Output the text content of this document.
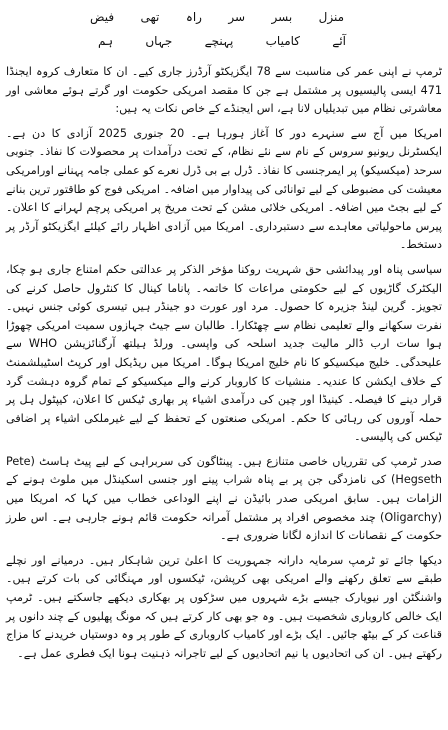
فیض تھی راہ سر بسر منزل
ہم	جہاں	پہنچے	کامیاب	آئے

ٹرمپ نے اپنی عمر کی مناسبت سے 78 ایگزیکٹو آرڈرز جاری کیے۔ ان کا متعارف کروہ ایجنڈا 471 ایسی پالیسیوں پر مشتمل ہے جن کا مقصد امریکی حکومت اور گرتے ہوئے معاشی اور معاشرتی نظام میں تبدیلیاں لانا ہے، اس ایجنڈے کے خاص نکات یہ ہیں:

امریکا میں آج سے سنہرے دور کا آغاز ہورہا ہے۔ 20 جنوری 2025 آزادی کا دن ہے۔ ایکسٹرنل ریونیو سروس کے نام سے نئے نظام، کے تحت درآمدات پر محصولات کا نفاذ۔ جنوبی سرحد (میکسیکو) پر ایمرجنسی کا نفاذ۔ ڈرل بے بی ڈرل نعرے کو عملی جامہ پہنانے اورامریکی معیشت کی مضبوطی کے لیے توانائی کی پیداوار میں اضافہ۔ امریکی فوج کو طاقتور ترین بنانے کے لیے بجٹ میں اضافہ۔ امریکی خلائی مشن کے تحت مریخ پر امریکی پرچم لہرانے کا اعلان۔ پیرس ماحولیاتی معاہدے سے دستبرداری۔ امریکا میں آزادی اظہار رائے کیلئے ایگزیکٹو آرڈر پر دستخط۔

سیاسی پناہ اور پیدائشی حق شہریت روکنا مؤخر الذکر پر عدالتی حکم امتناع جاری ہو چکا، الیکٹرک گاڑیوں کے لیے حکومتی مراعات کا خاتمہ۔ پاناما کینال کا کنٹرول حاصل کرنے کی تجویز۔ گرین لینڈ جزیرہ کا حصول۔ مرد اور عورت دو جینڈر ہیں تیسری کوئی جنس نہیں۔ نفرت سکھانے والے تعلیمی نظام سے چھٹکارا۔ طالبان سے جیٹ جہازوں سمیت امریکی چھوڑا ہوا سات ارب ڈالر مالیت جدید اسلحہ کی واپسی۔ ورلڈ ہیلتھ آرگنائزیشن WHO سے علیحدگی۔ خلیج میکسیکو کا نام خلیج امریکا ہوگا۔ امریکا میں ریڈیکل اور کرپٹ اسٹیبلشمنٹ کے خلاف ایکشن کا عندیہ۔ منشیات کا کاروبار کرنے والے میکسیکو کے تمام گروہ دہشت گرد قرار دینے کا فیصلہ۔ کینیڈا اور چین کی درآمدی اشیاء پر بھاری ٹیکس کا اعلان، کیپٹول ہل پر حملہ آوروں کی رہائی کا حکم۔ امریکی صنعتوں کے تحفظ کے لیے غیرملکی اشیاء پر اضافی ٹیکس کی پالیسی۔

صدر ٹرمپ کی تقرریاں خاصی متنازع ہیں۔ پینٹاگون کی سربراہی کے لیے پیٹ ہاسٹ (Pete Hegseth) کی نامزدگی جن پر بے پناہ شراب پینے اور جنسی اسکینڈل میں ملوث ہونے کے الزامات ہیں۔ سابق امریکی صدر بائیڈن نے اپنے الوداعی خطاب میں کہا کہ امریکا میں (Oligarchy) چند مخصوص افراد پر مشتمل آمرانہ حکومت قائم ہونے جارہی ہے۔ اس طرز حکومت کے نقصانات کا اندازہ لگانا ضروری ہے۔

دیکھا جائے تو ٹرمپ سرمایہ دارانہ جمہوریت کا اعلیٰ ترین شاہکار ہیں۔ درمیانے اور نچلے طبقے سے تعلق رکھنے والے امریکی بھی کرپشن، ٹیکسوں اور مہنگائی کی بات کرتے ہیں۔ واشنگٹن اور نیویارک جیسے بڑے شہروں میں سڑکوں پر بھکاری دیکھے جاسکتے ہیں۔ ٹرمپ ایک خالص کاروباری شخصیت ہیں۔ وہ جو بھی کار کرتے ہیں کہ مونگ پھلیوں کے چند دانوں پر قناعت کر کے بیٹھ جائیں۔ ایک بڑے اور کامیاب کاروباری کے طور پر وہ دوستیاں خریدنے کا مزاج رکھتے ہیں۔ ان کی اتحادیوں یا نیم اتحادیوں کے لیے تاجرانہ ذہنیت ہونا ایک فطری عمل ہے۔
